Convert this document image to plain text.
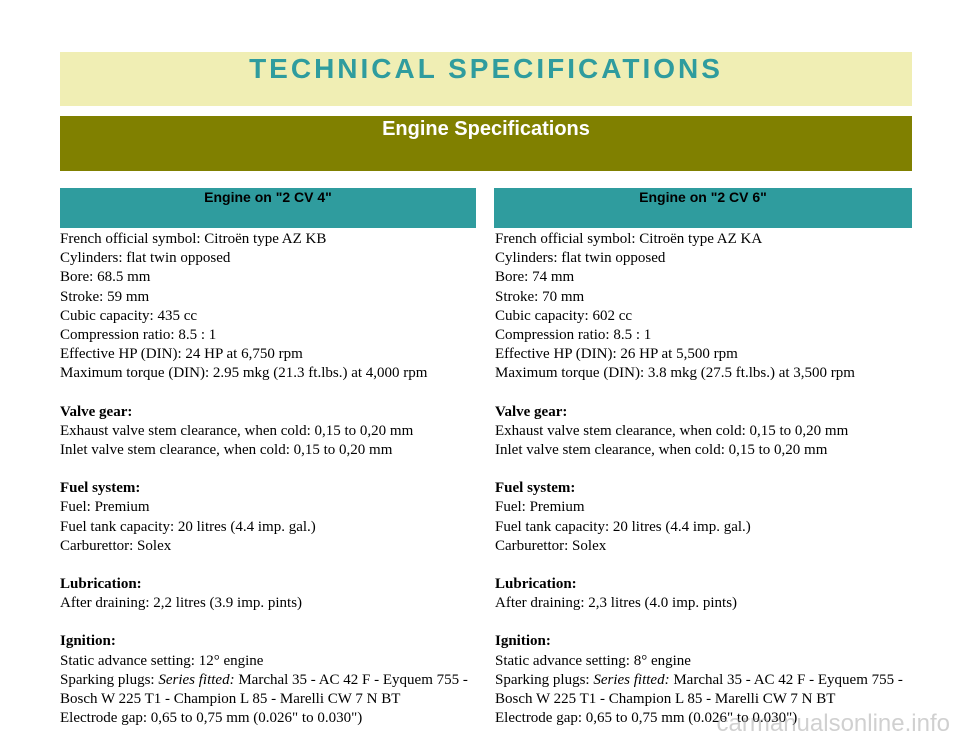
TECHNICAL SPECIFICATIONS
Engine Specifications
Engine on "2 CV 4"	Engine on "2 CV 6"
French official symbol: Citroën type AZ KB
Cylinders: flat twin opposed
Bore: 68.5 mm
Stroke: 59 mm
Cubic capacity: 435 cc
Compression ratio: 8.5 : 1
Effective HP (DIN): 24 HP at 6,750 rpm
Maximum torque (DIN): 2.95 mkg (21.3 ft.lbs.) at 4,000 rpm
Valve gear:
Exhaust valve stem clearance, when cold: 0,15 to 0,20 mm
Inlet valve stem clearance, when cold: 0,15 to 0,20 mm
Fuel system:
Fuel: Premium
Fuel tank capacity: 20 litres (4.4 imp. gal.)
Carburettor: Solex
Lubrication:
After draining: 2,2 litres (3.9 imp. pints)
Ignition:
Static advance setting: 12° engine
Sparking plugs: Series fitted: Marchal 35 - AC 42 F - Eyquem 755 - Bosch W 225 T1 - Champion L 85 - Marelli CW 7 N BT
Electrode gap: 0,65 to 0,75 mm (0.026" to 0.030")
French official symbol: Citroën type AZ KA
Cylinders: flat twin opposed
Bore: 74 mm
Stroke: 70 mm
Cubic capacity: 602 cc
Compression ratio: 8.5 : 1
Effective HP (DIN): 26 HP at 5,500 rpm
Maximum torque (DIN): 3.8 mkg (27.5 ft.lbs.) at 3,500 rpm
Valve gear:
Exhaust valve stem clearance, when cold: 0,15 to 0,20 mm
Inlet valve stem clearance, when cold: 0,15 to 0,20 mm
Fuel system:
Fuel: Premium
Fuel tank capacity: 20 litres (4.4 imp. gal.)
Carburettor: Solex
Lubrication:
After draining: 2,3 litres (4.0 imp. pints)
Ignition:
Static advance setting: 8° engine
Sparking plugs: Series fitted: Marchal 35 - AC 42 F - Eyquem 755 - Bosch W 225 T1 - Champion L 85 - Marelli CW 7 N BT
Electrode gap: 0,65 to 0,75 mm (0.026" to 0.030")
carmanualsonline.info
